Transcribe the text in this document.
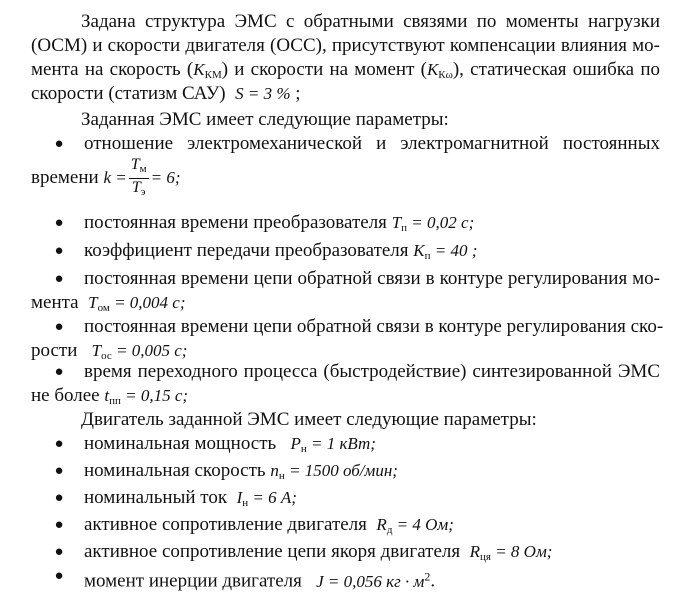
Задана структура ЭМС с обратными связями по моменты нагрузки
(ОСМ) и скорости двигателя (ОСС), присутствуют компенсации влияния мо-
мента на скорость $(K_{КМ})$ и скорости на момент $(K_{К\omega})$, статическая ошибка по
скорости (статизм САУ) S = 3 % ;
Заданная ЭМС имеет следующие параметры:
● отношение электромеханической и электромагнитной постоянных
времени $k = \frac{T_м}{T_э} = 6$;
● постоянная времени преобразователя $T_п = 0,02$ с;
● коэффициент передачи преобразователя $K_п = 40$ ;
● постоянная времени цепи обратной связи в контуре регулирования мо-
мента $T_{ом} = 0,004$ с;
● постоянная времени цепи обратной связи в контуре регулирования ско-
рости $T_{ос} = 0,005$ с;
● время переходного процесса (быстродействие) синтезированной ЭМС
не более $t_{пп} = 0,15$ с;
Двигатель заданной ЭМС имеет следующие параметры:
● номинальная мощность $P_н = 1$ кВт;
● номинальная скорость $n_н = 1500$ об/мин;
● номинальный ток $I_н = 6$ А;
● активное сопротивление двигателя $R_д = 4$ Ом;
● активное сопротивление цепи якоря двигателя $R_{ця} = 8$ Ом;
● момент инерции двигателя J = 0,056 кг · $м^2$.
